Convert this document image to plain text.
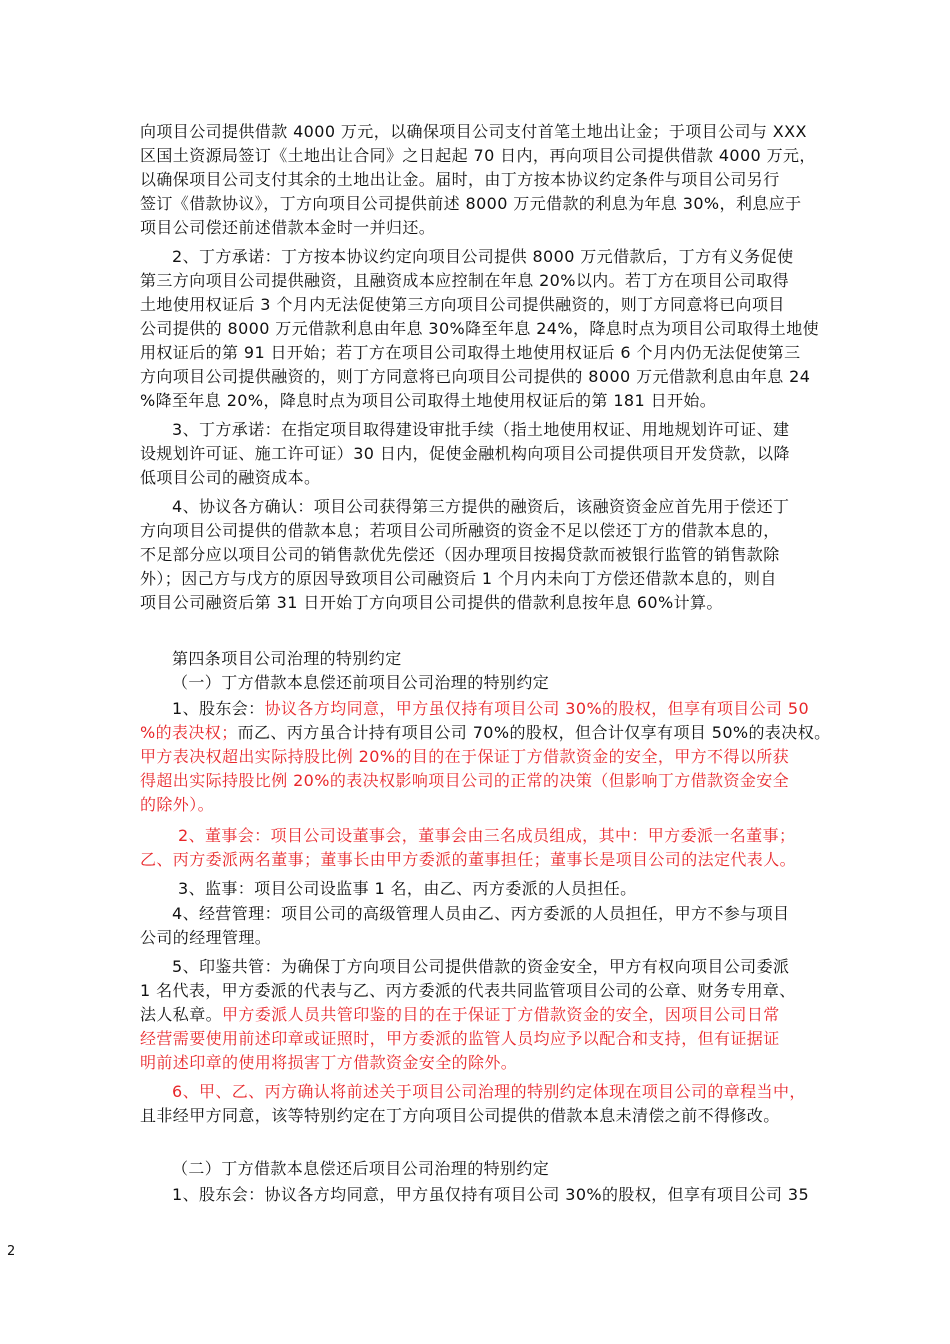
向项目公司提供借款 4000 万元，以确保项目公司支付首笔土地出让金；于项目公司与 XXX
区国土资源局签订《土地出让合同》之日起起 70 日内，再向项目公司提供借款 4000 万元，
以确保项目公司支付其余的土地出让金。届时，由丁方按本协议约定条件与项目公司另行
签订《借款协议》，丁方向项目公司提供前述 8000 万元借款的利息为年息 30%，利息应于
项目公司偿还前述借款本金时一并归还。
2、丁方承诺：丁方按本协议约定向项目公司提供 8000 万元借款后，丁方有义务促使
第三方向项目公司提供融资，且融资成本应控制在年息 20%以内。若丁方在项目公司取得
土地使用权证后 3 个月内无法促使第三方向项目公司提供融资的，则丁方同意将已向项目
公司提供的 8000 万元借款利息由年息 30%降至年息 24%，降息时点为项目公司取得土地使
用权证后的第 91 日开始；若丁方在项目公司取得土地使用权证后 6 个月内仍无法促使第三
方向项目公司提供融资的，则丁方同意将已向项目公司提供的 8000 万元借款利息由年息 24
%降至年息 20%，降息时点为项目公司取得土地使用权证后的第 181 日开始。
3、丁方承诺：在指定项目取得建设审批手续（指土地使用权证、用地规划许可证、建
设规划许可证、施工许可证）30 日内，促使金融机构向项目公司提供项目开发贷款，以降
低项目公司的融资成本。
4、协议各方确认：项目公司获得第三方提供的融资后，该融资资金应首先用于偿还丁
方向项目公司提供的借款本息；若项目公司所融资的资金不足以偿还丁方的借款本息的，
不足部分应以项目公司的销售款优先偿还（因办理项目按揭贷款而被银行监管的销售款除
外）；因己方与戊方的原因导致项目公司融资后 1 个月内未向丁方偿还借款本息的，则自
项目公司融资后第 31 日开始丁方向项目公司提供的借款利息按年息 60%计算。
第四条项目公司治理的特别约定
（一）丁方借款本息偿还前项目公司治理的特别约定
1、股东会：协议各方均同意，甲方虽仅持有项目公司 30%的股权，但享有项目公司 50
%的表决权；而乙、丙方虽合计持有项目公司 70%的股权，但合计仅享有项目 50%的表决权。
甲方表决权超出实际持股比例 20%的目的在于保证丁方借款资金的安全，甲方不得以所获
得超出实际持股比例 20%的表决权影响项目公司的正常的决策（但影响丁方借款资金安全
的除外）。
2、董事会：项目公司设董事会，董事会由三名成员组成，其中：甲方委派一名董事；
乙、丙方委派两名董事；董事长由甲方委派的董事担任；董事长是项目公司的法定代表人。
3、监事：项目公司设监事 1 名，由乙、丙方委派的人员担任。
4、经营管理：项目公司的高级管理人员由乙、丙方委派的人员担任，甲方不参与项目
公司的经理管理。
5、印鉴共管：为确保丁方向项目公司提供借款的资金安全，甲方有权向项目公司委派
1 名代表，甲方委派的代表与乙、丙方委派的代表共同监管项目公司的公章、财务专用章、
法人私章。甲方委派人员共管印鉴的目的在于保证丁方借款资金的安全，因项目公司日常
经营需要使用前述印章或证照时，甲方委派的监管人员均应予以配合和支持，但有证据证
明前述印章的使用将损害丁方借款资金安全的除外。
6、甲、乙、丙方确认将前述关于项目公司治理的特别约定体现在项目公司的章程当中，
且非经甲方同意，该等特别约定在丁方向项目公司提供的借款本息未清偿之前不得修改。
（二）丁方借款本息偿还后项目公司治理的特别约定
1、股东会：协议各方均同意，甲方虽仅持有项目公司 30%的股权，但享有项目公司 35
2
